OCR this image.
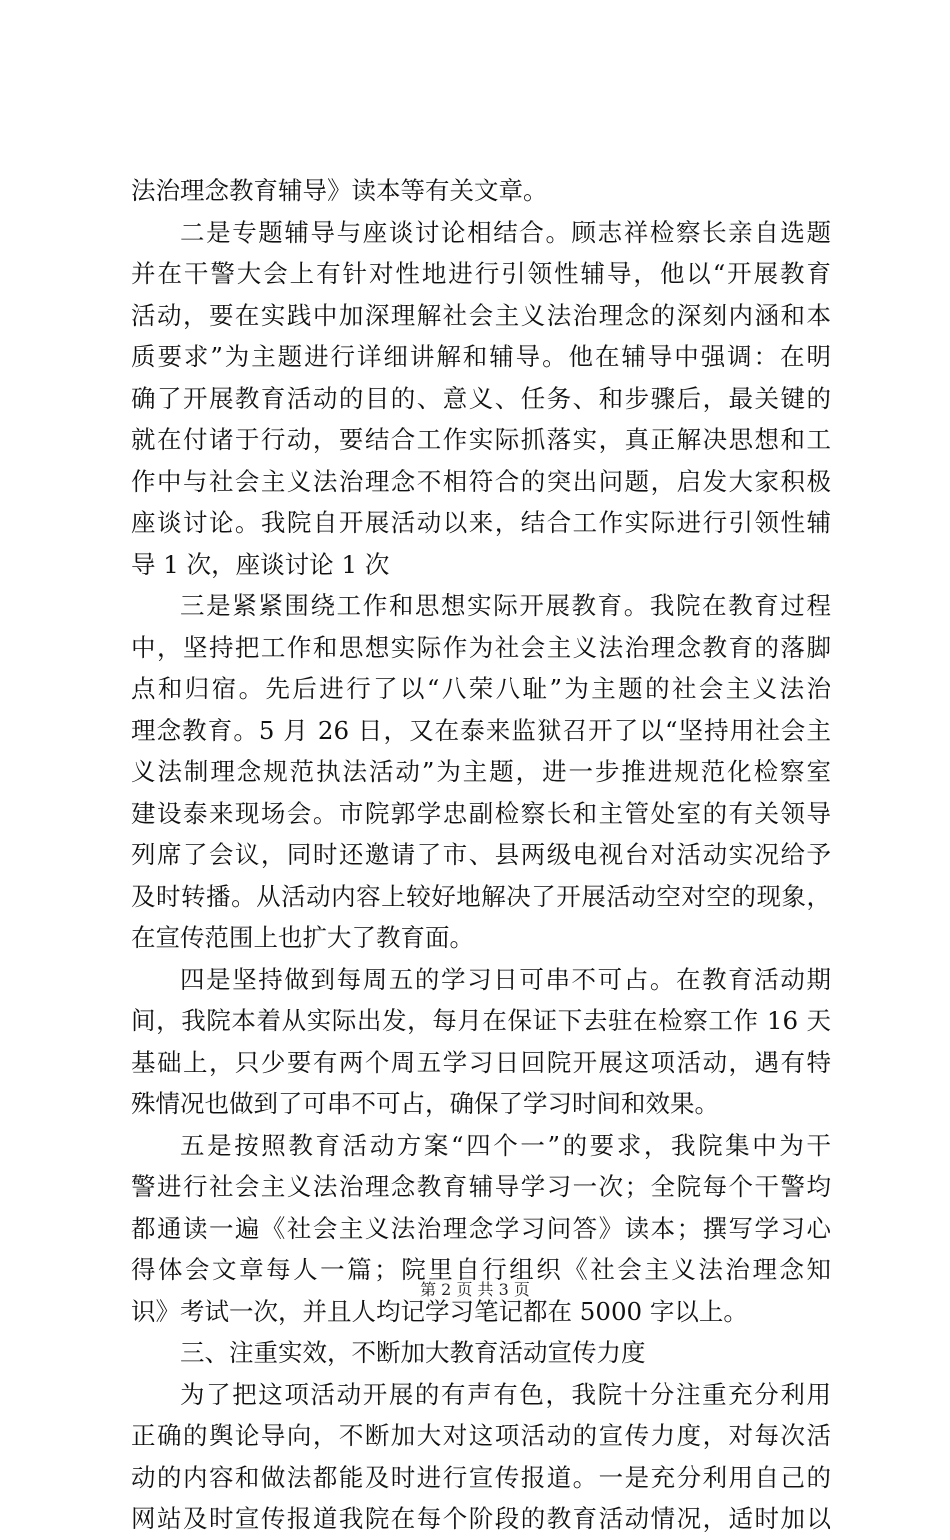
法治理念教育辅导》读本等有关文章。
二是专题辅导与座谈讨论相结合。顾志祥检察长亲自选题
并在干警大会上有针对性地进行引领性辅导，他以“开展教育
活动，要在实践中加深理解社会主义法治理念的深刻内涵和本
质要求”为主题进行详细讲解和辅导。他在辅导中强调：在明
确了开展教育活动的目的、意义、任务、和步骤后，最关键的
就在付诸于行动，要结合工作实际抓落实，真正解决思想和工
作中与社会主义法治理念不相符合的突出问题，启发大家积极
座谈讨论。我院自开展活动以来，结合工作实际进行引领性辅
导 1 次，座谈讨论 1 次
三是紧紧围绕工作和思想实际开展教育。我院在教育过程
中，坚持把工作和思想实际作为社会主义法治理念教育的落脚
点和归宿。先后进行了以“八荣八耻”为主题的社会主义法治
理念教育。5 月 26 日，又在泰来监狱召开了以“坚持用社会主
义法制理念规范执法活动”为主题，进一步推进规范化检察室
建设泰来现场会。市院郭学忠副检察长和主管处室的有关领导
列席了会议，同时还邀请了市、县两级电视台对活动实况给予
及时转播。从活动内容上较好地解决了开展活动空对空的现象，
在宣传范围上也扩大了教育面。
四是坚持做到每周五的学习日可串不可占。在教育活动期
间，我院本着从实际出发，每月在保证下去驻在检察工作 16 天
基础上，只少要有两个周五学习日回院开展这项活动，遇有特
殊情况也做到了可串不可占，确保了学习时间和效果。
五是按照教育活动方案“四个一”的要求，我院集中为干
警进行社会主义法治理念教育辅导学习一次；全院每个干警均
都通读一遍《社会主义法治理念学习问答》读本；撰写学习心
得体会文章每人一篇；院里自行组织《社会主义法治理念知
识》考试一次，并且人均记学习笔记都在 5000 字以上。
三、注重实效，不断加大教育活动宣传力度
为了把这项活动开展的有声有色，我院十分注重充分利用
正确的舆论导向，不断加大对这项活动的宣传力度，对每次活
动的内容和做法都能及时进行宣传报道。一是充分利用自己的
网站及时宣传报道我院在每个阶段的教育活动情况，适时加以
第 2 页 共 3 页
